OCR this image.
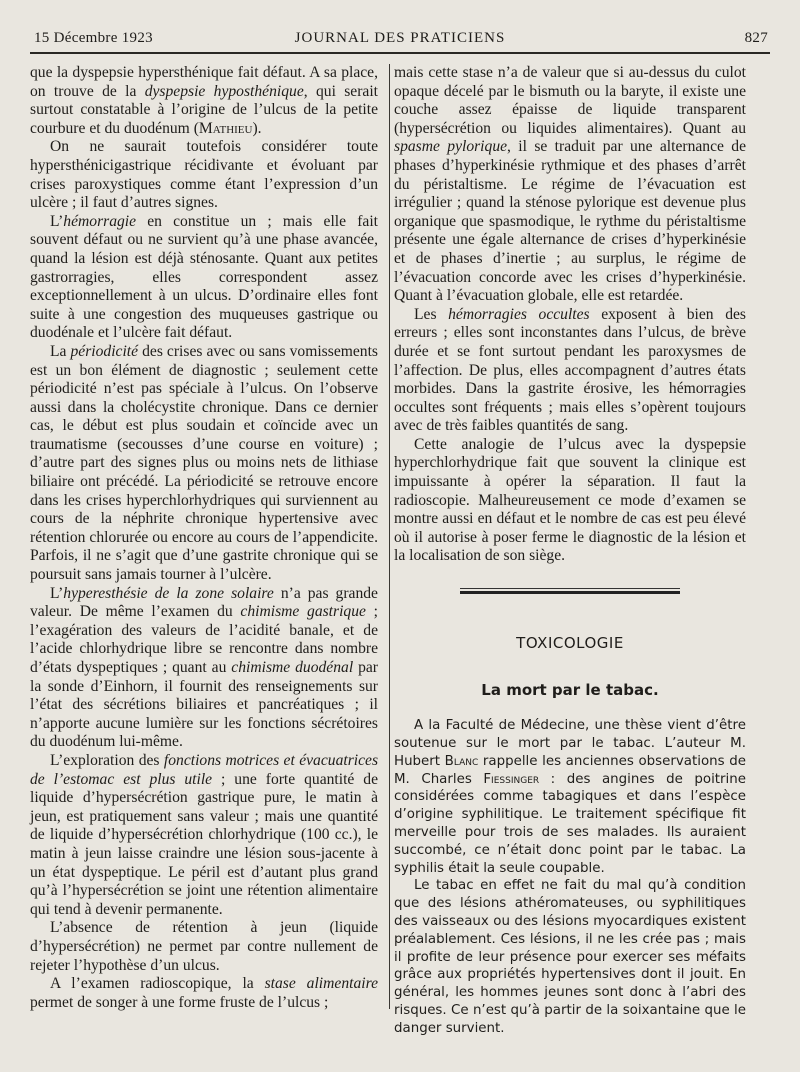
15 Décembre 1923	JOURNAL DES PRATICIENS	827

que la dyspepsie hypersthénique fait défaut. A sa place, on trouve de la dyspepsie hyposthénique, qui serait surtout constatable à l’origine de l’ulcus de la petite courbure et du duodénum (Mathieu).

On ne saurait toutefois considérer toute hypersthénicigastrique récidivante et évoluant par crises paroxystiques comme étant l’expression d’un ulcère ; il faut d’autres signes.

L’hémorragie en constitue un ; mais elle fait souvent défaut ou ne survient qu’à une phase avancée, quand la lésion est déjà sténosante. Quant aux petites gastrorragies, elles correspondent assez exceptionnellement à un ulcus. D’ordinaire elles font suite à une congestion des muqueuses gastrique ou duodénale et l’ulcère fait défaut.

La périodicité des crises avec ou sans vomissements est un bon élément de diagnostic ; seulement cette périodicité n’est pas spéciale à l’ulcus. On l’observe aussi dans la cholécystite chronique. Dans ce dernier cas, le début est plus soudain et coïncide avec un traumatisme (secousses d’une course en voiture) ; d’autre part des signes plus ou moins nets de lithiase biliaire ont précédé. La périodicité se retrouve encore dans les crises hyperchlorhydriques qui surviennent au cours de la néphrite chronique hypertensive avec rétention chlorurée ou encore au cours de l’appendicite. Parfois, il ne s’agit que d’une gastrite chronique qui se poursuit sans jamais tourner à l’ulcère.

L’hyperesthésie de la zone solaire n’a pas grande valeur. De même l’examen du chimisme gastrique ; l’exagération des valeurs de l’acidité banale, et de l’acide chlorhydrique libre se rencontre dans nombre d’états dyspeptiques ; quant au chimisme duodénal par la sonde d’Einhorn, il fournit des renseignements sur l’état des sécrétions biliaires et pancréatiques ; il n’apporte aucune lumière sur les fonctions sécrétoires du duodénum lui-même.

L’exploration des fonctions motrices et évacuatrices de l’estomac est plus utile ; une forte quantité de liquide d’hypersécrétion gastrique pure, le matin à jeun, est pratiquement sans valeur ; mais une quantité de liquide d’hypersécrétion chlorhydrique (100 cc.), le matin à jeun laisse craindre une lésion sous-jacente à un état dyspeptique. Le péril est d’autant plus grand qu’à l’hypersécrétion se joint une rétention alimentaire qui tend à devenir permanente.

L’absence de rétention à jeun (liquide d’hypersécrétion) ne permet par contre nullement de rejeter l’hypothèse d’un ulcus.

A l’examen radioscopique, la stase alimentaire permet de songer à une forme fruste de l’ulcus ;

mais cette stase n’a de valeur que si au-dessus du culot opaque décelé par le bismuth ou la baryte, il existe une couche assez épaisse de liquide transparent (hypersécrétion ou liquides alimentaires). Quant au spasme pylorique, il se traduit par une alternance de phases d’hyperkinésie rythmique et des phases d’arrêt du péristaltisme. Le régime de l’évacuation est irrégulier ; quand la sténose pylorique est devenue plus organique que spasmodique, le rythme du péristaltisme présente une égale alternance de crises d’hyperkinésie et de phases d’inertie ; au surplus, le régime de l’évacuation concorde avec les crises d’hyperkinésie. Quant à l’évacuation globale, elle est retardée.

Les hémorragies occultes exposent à bien des erreurs ; elles sont inconstantes dans l’ulcus, de brève durée et se font surtout pendant les paroxysmes de l’affection. De plus, elles accompagnent d’autres états morbides. Dans la gastrite érosive, les hémorragies occultes sont fréquents ; mais elles s’opèrent toujours avec de très faibles quantités de sang.

Cette analogie de l’ulcus avec la dyspepsie hyperchlorhydrique fait que souvent la clinique est impuissante à opérer la séparation. Il faut la radioscopie. Malheureusement ce mode d’examen se montre aussi en défaut et le nombre de cas est peu élevé où il autorise à poser ferme le diagnostic de la lésion et la localisation de son siège.

TOXICOLOGIE
La mort par le tabac.

A la Faculté de Médecine, une thèse vient d’être soutenue sur le mort par le tabac. L’auteur M. Hubert Blanc rappelle les anciennes observations de M. Charles Fiessinger : des angines de poitrine considérées comme tabagiques et dans l’espèce d’origine syphilitique. Le traitement spécifique fit merveille pour trois de ses malades. Ils auraient succombé, ce n’était donc point par le tabac. La syphilis était la seule coupable.

Le tabac en effet ne fait du mal qu’à condition que des lésions athéromateuses, ou syphilitiques des vaisseaux ou des lésions myocardiques existent préalablement. Ces lésions, il ne les crée pas ; mais il profite de leur présence pour exercer ses méfaits grâce aux propriétés hypertensives dont il jouit. En général, les hommes jeunes sont donc à l’abri des risques. Ce n’est qu’à partir de la soixantaine que le danger survient.
